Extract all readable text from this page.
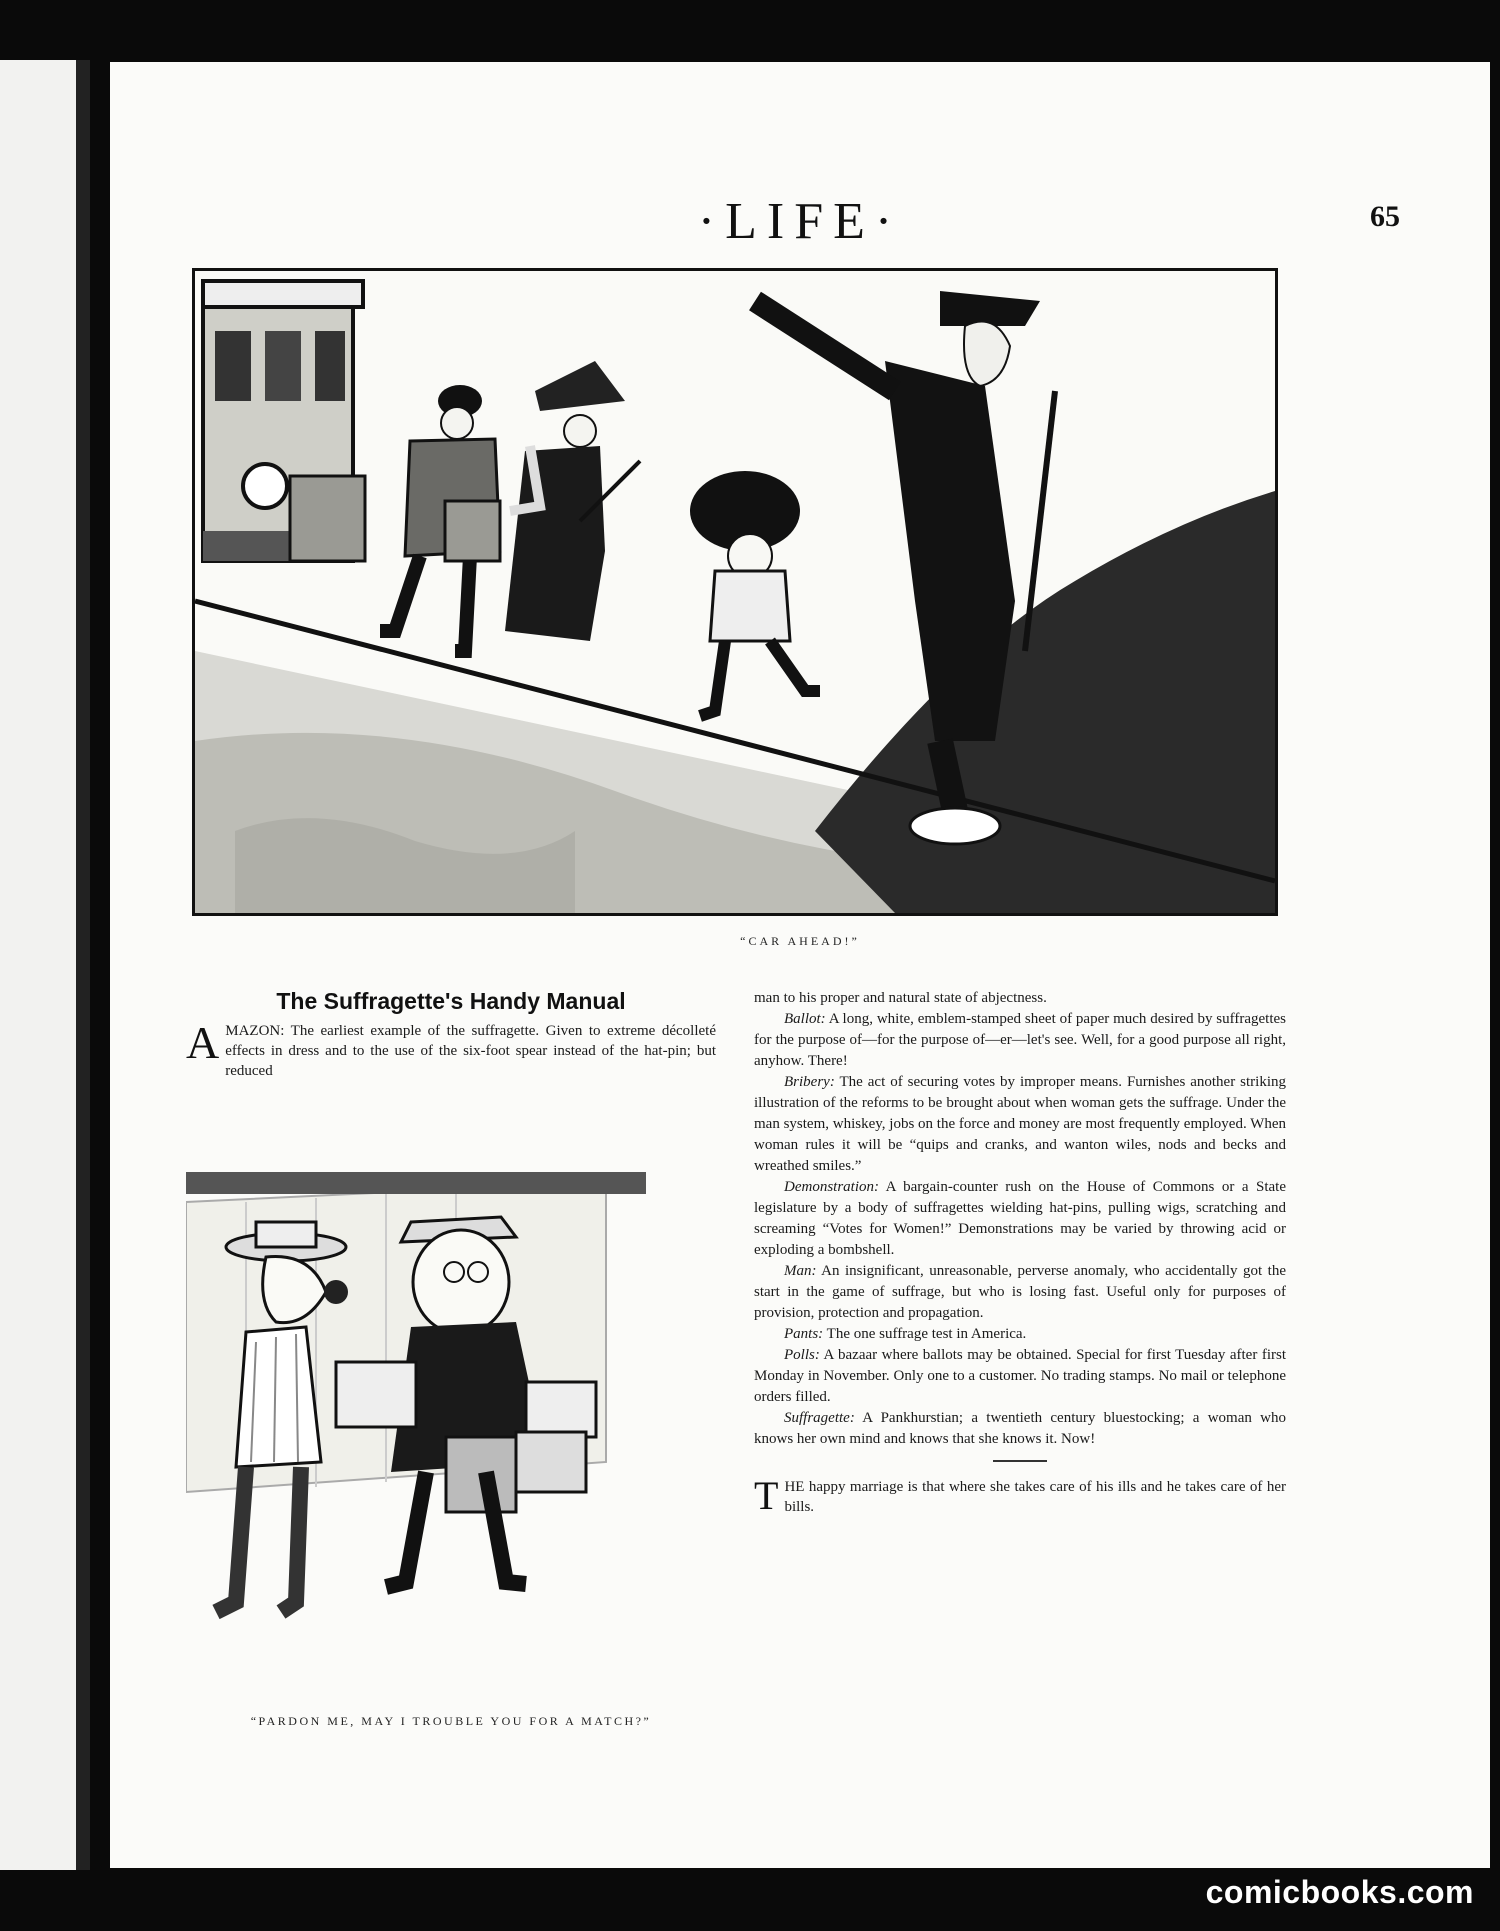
·LIFE·	65
“CAR AHEAD!”
The Suffragette's Handy Manual

AMAZON: The earliest example of the suffragette. Given to extreme décolleté effects in dress and to the use of the six-foot spear instead of the hat-pin; but reduced

“PARDON ME, MAY I TROUBLE YOU FOR A MATCH?”

man to his proper and natural state of abjectness.

Ballot: A long, white, emblem-stamped sheet of paper much desired by suffragettes for the purpose of—for the purpose of—er—let's see. Well, for a good purpose all right, anyhow. There!

Bribery: The act of securing votes by improper means. Furnishes another striking illustration of the reforms to be brought about when woman gets the suffrage. Under the man system, whiskey, jobs on the force and money are most frequently employed. When woman rules it will be “quips and cranks, and wanton wiles, nods and becks and wreathed smiles.”

Demonstration: A bargain-counter rush on the House of Commons or a State legislature by a body of suffragettes wielding hat-pins, pulling wigs, scratching and screaming “Votes for Women!” Demonstrations may be varied by throwing acid or exploding a bombshell.

Man: An insignificant, unreasonable, perverse anomaly, who accidentally got the start in the game of suffrage, but who is losing fast. Useful only for purposes of provision, protection and propagation.

Pants: The one suffrage test in America.

Polls: A bazaar where ballots may be obtained. Special for first Tuesday after first Monday in November. Only one to a customer. No trading stamps. No mail or telephone orders filled.

Suffragette: A Pankhurstian; a twentieth century bluestocking; a woman who knows her own mind and knows that she knows it. Now!

THE happy marriage is that where she takes care of his ills and he takes care of her bills.

comicbooks.com
